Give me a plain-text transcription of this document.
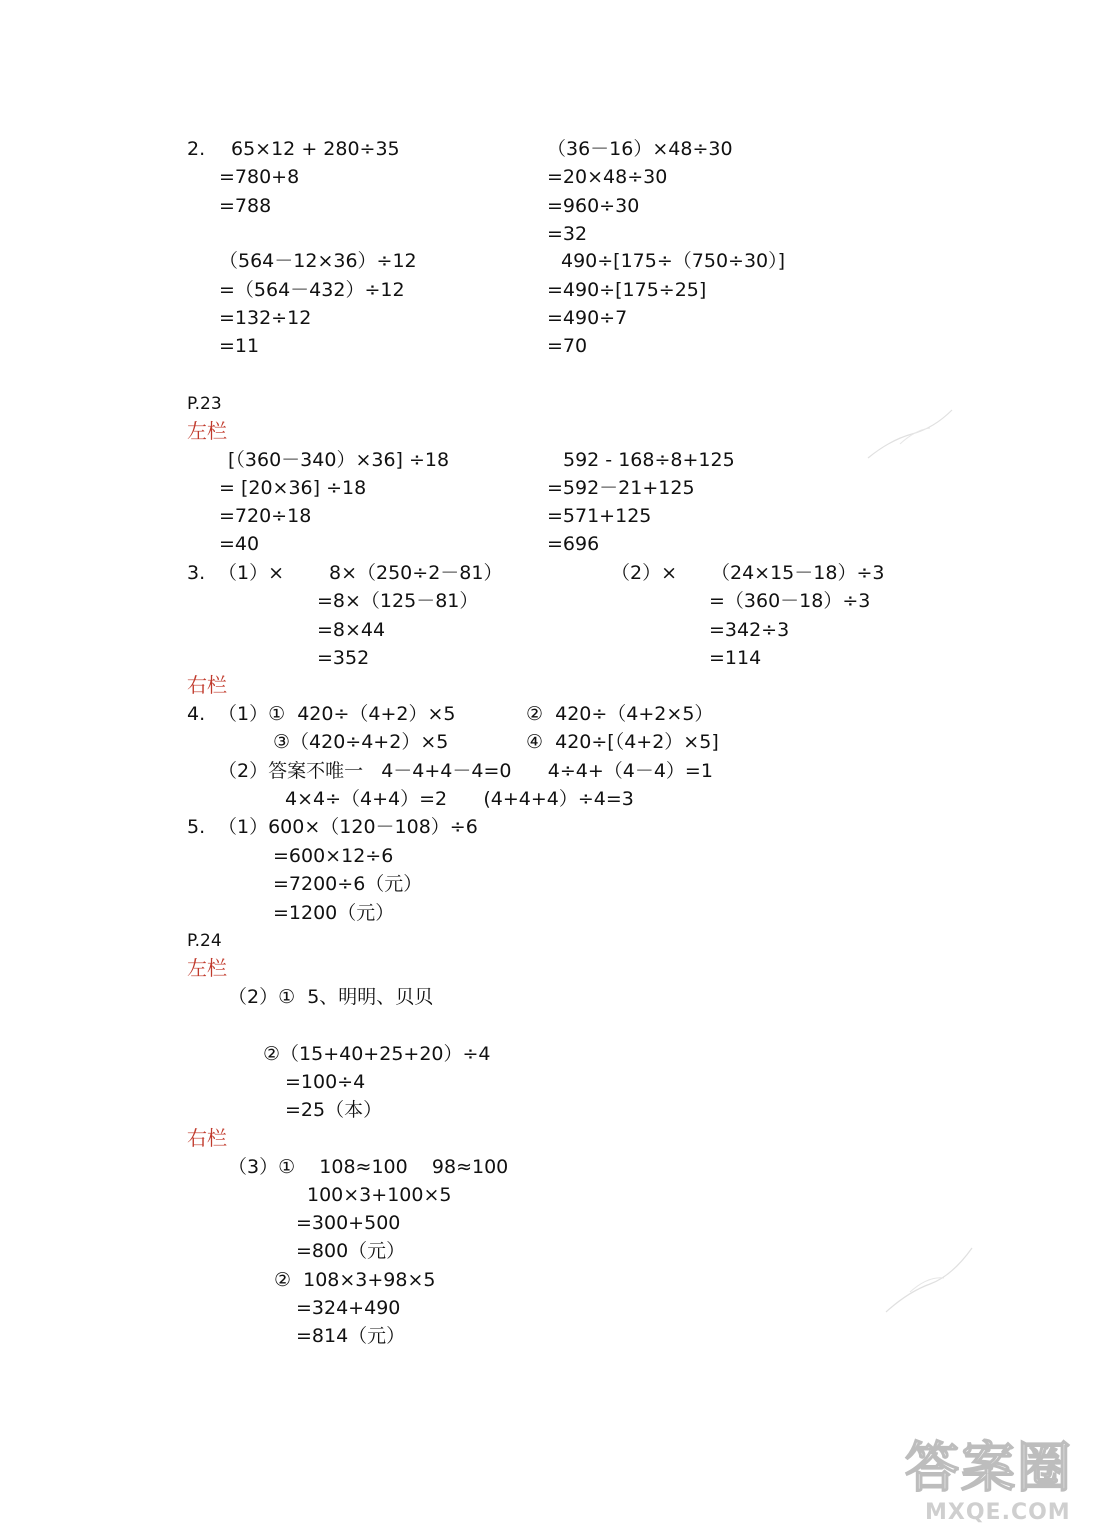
2. 65×12 + 280÷35
=780+8
=788
（564－12×36）÷12
=（564－432）÷12
=132÷12
=11
（36－16）×48÷30
=20×48÷30
=960÷30
=32
490÷[175÷（750÷30）]
=490÷[175÷25]
=490÷7
=70
P.23
左栏
[（360－340）×36] ÷18
= [20×36] ÷18
=720÷18
=40
592 - 168÷8+125
=592－21+125
=571+125
=696
3. （1）× 8×（250÷2－81）
=8×（125－81）
=8×44
=352
（2）× （24×15－18）÷3
=（360－18）÷3
=342÷3
=114
右栏
4. （1）①  420÷（4+2）×5	②  420÷（4+2×5）
③（420÷4+2）×5	④  420÷[（4+2）×5]
（2）答案不唯一   4－4+4－4=0      4÷4+（4－4）=1
4×4÷（4+4）=2      (4+4+4）÷4=3
5. （1）600×（120－108）÷6
=600×12÷6
=7200÷6（元）
=1200（元）
P.24
左栏
（2）①  5、明明、贝贝
②（15+40+25+20）÷4
=100÷4
=25（本）
右栏
（3）①    108≈100    98≈100
100×3+100×5
=300+500
=800（元）
②  108×3+98×5
=324+490
=814（元）
答案圈
MXQE.COM
